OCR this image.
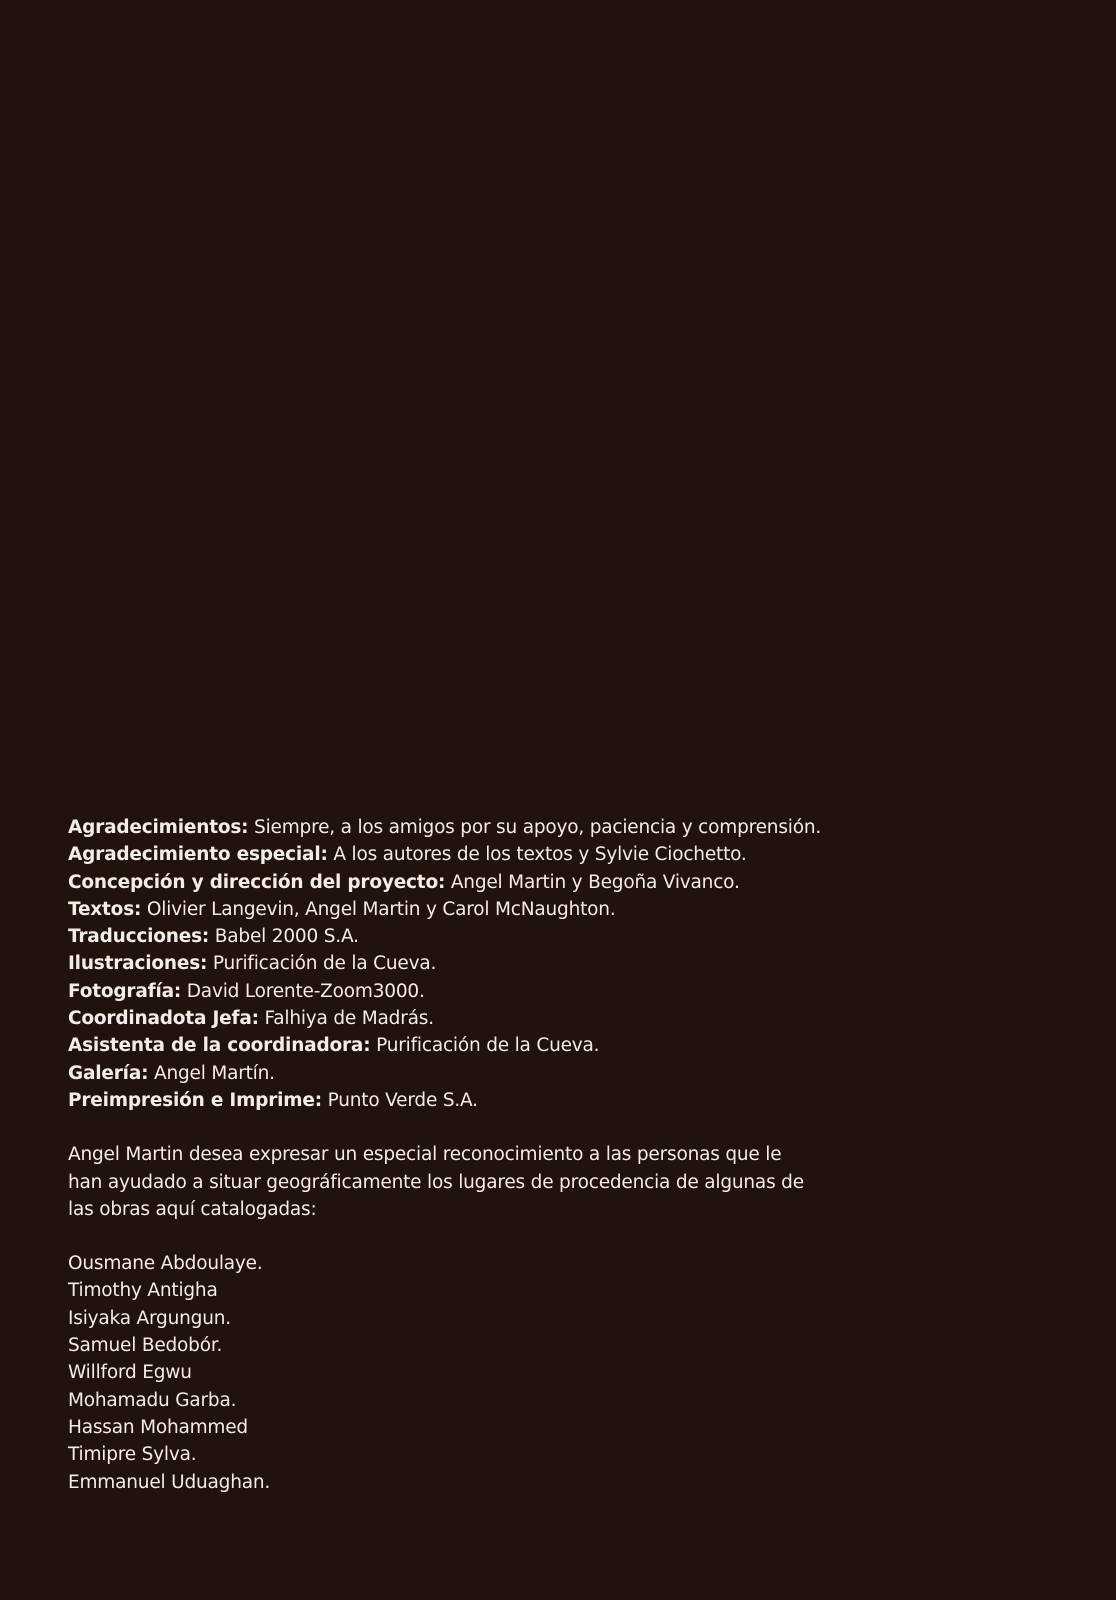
Agradecimientos: Siempre, a los amigos por su apoyo, paciencia y comprensión.
Agradecimiento especial: A los autores de los textos y Sylvie Ciochetto.
Concepción y dirección del proyecto: Angel Martin y Begoña Vivanco.
Textos: Olivier Langevin, Angel Martin y Carol McNaughton.
Traducciones: Babel 2000 S.A.
Ilustraciones: Purificación de la Cueva.
Fotografía: David Lorente-Zoom3000.
Coordinadota Jefa: Falhiya de Madrás.
Asistenta de la coordinadora: Purificación de la Cueva.
Galería: Angel Martín.
Preimpresión e Imprime: Punto Verde S.A.
Angel Martin desea expresar un especial reconocimiento a las personas que le
han ayudado a situar geográficamente los lugares de procedencia de algunas de
las obras aquí catalogadas:
Ousmane Abdoulaye.
Timothy Antigha
Isiyaka Argungun.
Samuel Bedobór.
Willford Egwu
Mohamadu Garba.
Hassan Mohammed
Timipre Sylva.
Emmanuel Uduaghan.
